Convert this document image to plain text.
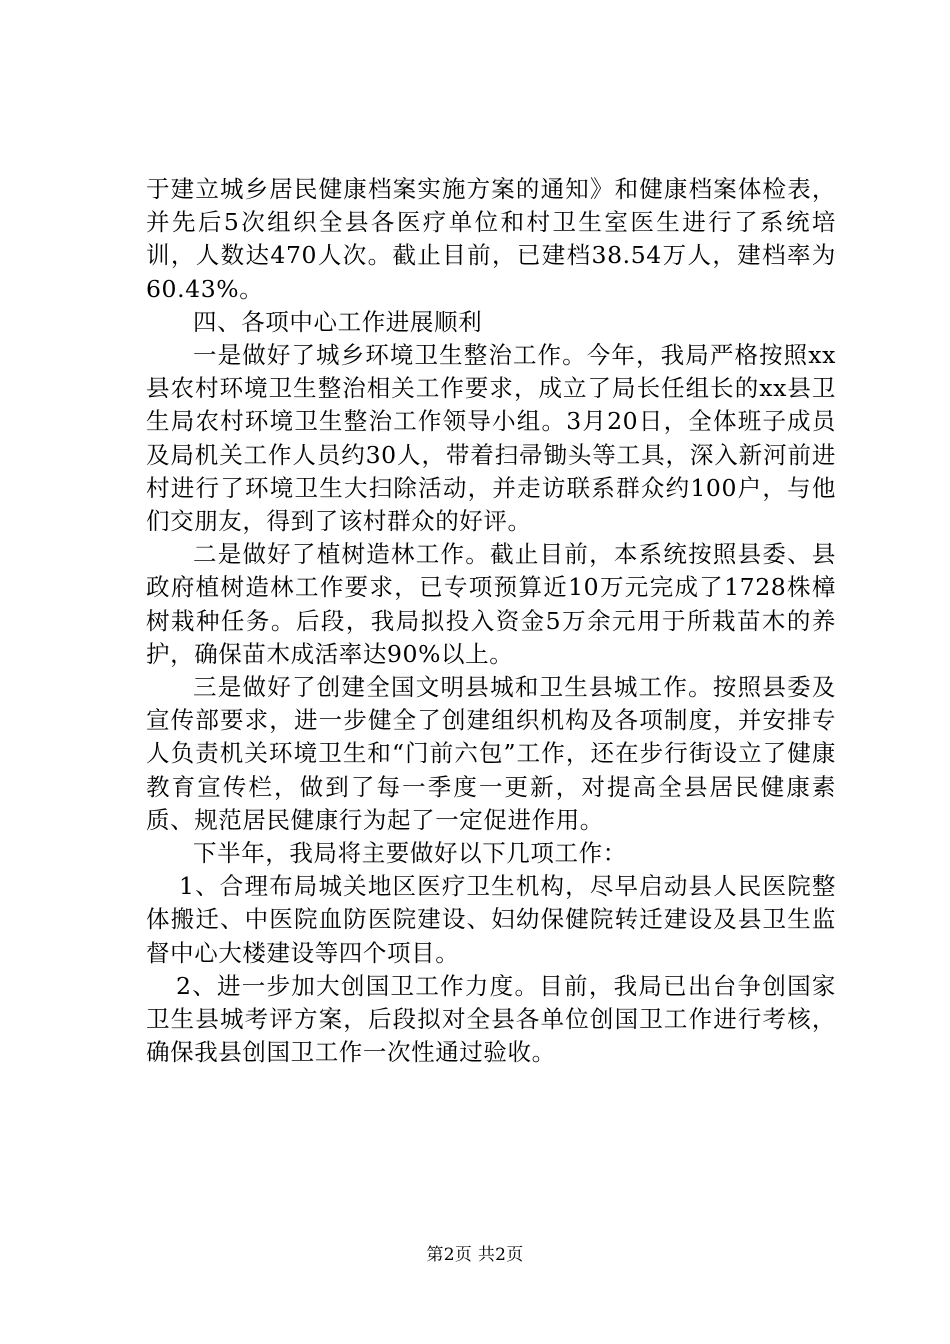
于建立城乡居民健康档案实施方案的通知》和健康档案体检表，并先后5次组织全县各医疗单位和村卫生室医生进行了系统培训，人数达470人次。截止目前，已建档38.54万人，建档率为60.43%。

四、各项中心工作进展顺利

一是做好了城乡环境卫生整治工作。今年，我局严格按照xx县农村环境卫生整治相关工作要求，成立了局长任组长的xx县卫生局农村环境卫生整治工作领导小组。3月20日，全体班子成员及局机关工作人员约30人，带着扫帚锄头等工具，深入新河前进村进行了环境卫生大扫除活动，并走访联系群众约100户，与他们交朋友，得到了该村群众的好评。

二是做好了植树造林工作。截止目前，本系统按照县委、县政府植树造林工作要求，已专项预算近10万元完成了1728株樟树栽种任务。后段，我局拟投入资金5万余元用于所栽苗木的养护，确保苗木成活率达90%以上。

三是做好了创建全国文明县城和卫生县城工作。按照县委及宣传部要求，进一步健全了创建组织机构及各项制度，并安排专人负责机关环境卫生和“门前六包”工作，还在步行街设立了健康教育宣传栏，做到了每一季度一更新，对提高全县居民健康素质、规范居民健康行为起了一定促进作用。

下半年，我局将主要做好以下几项工作：

1、合理布局城关地区医疗卫生机构，尽早启动县人民医院整体搬迁、中医院血防医院建设、妇幼保健院转迁建设及县卫生监督中心大楼建设等四个项目。

2、进一步加大创国卫工作力度。目前，我局已出台争创国家卫生县城考评方案，后段拟对全县各单位创国卫工作进行考核，确保我县创国卫工作一次性通过验收。

第2页 共2页
